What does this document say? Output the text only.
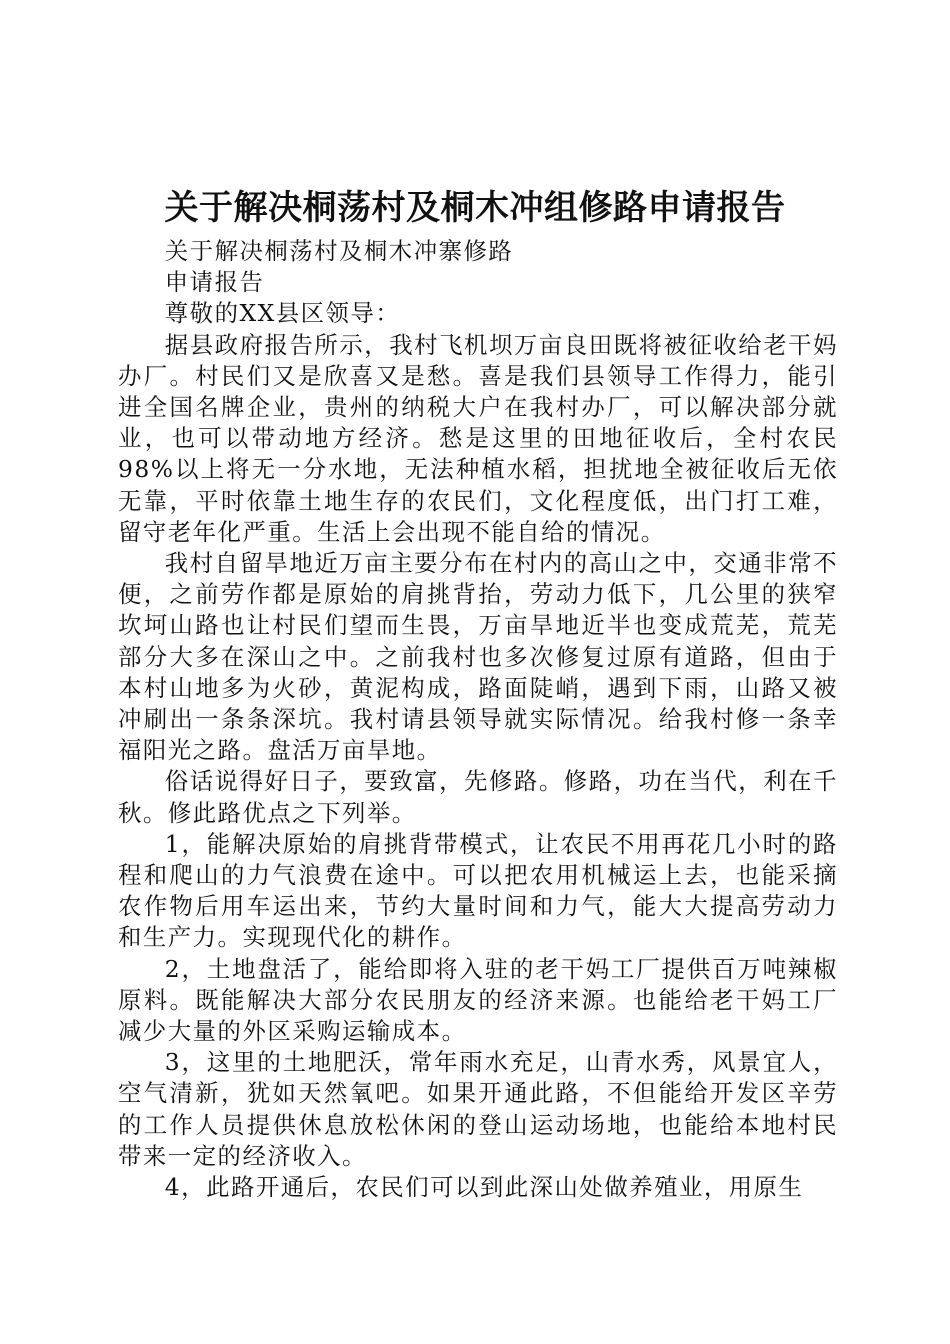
关于解决桐荡村及桐木冲组修路申请报告

关于解决桐荡村及桐木冲寨修路

申请报告

尊敬的XX县区领导：

据县政府报告所示，我村飞机坝万亩良田既将被征收给老干妈办厂。村民们又是欣喜又是愁。喜是我们县领导工作得力，能引进全国名牌企业，贵州的纳税大户在我村办厂，可以解决部分就业，也可以带动地方经济。愁是这里的田地征收后，全村农民98%以上将无一分水地，无法种植水稻，担扰地全被征收后无依无靠，平时依靠土地生存的农民们，文化程度低，出门打工难，留守老年化严重。生活上会出现不能自给的情况。

我村自留旱地近万亩主要分布在村内的高山之中，交通非常不便，之前劳作都是原始的肩挑背抬，劳动力低下，几公里的狭窄坎坷山路也让村民们望而生畏，万亩旱地近半也变成荒芜，荒芜部分大多在深山之中。之前我村也多次修复过原有道路，但由于本村山地多为火砂，黄泥构成，路面陡峭，遇到下雨，山路又被冲刷出一条条深坑。我村请县领导就实际情况。给我村修一条幸福阳光之路。盘活万亩旱地。

俗话说得好日子，要致富，先修路。修路，功在当代，利在千秋。修此路优点之下列举。

1，能解决原始的肩挑背带模式，让农民不用再花几小时的路程和爬山的力气浪费在途中。可以把农用机械运上去，也能采摘农作物后用车运出来，节约大量时间和力气，能大大提高劳动力和生产力。实现现代化的耕作。

2，土地盘活了，能给即将入驻的老干妈工厂提供百万吨辣椒原料。既能解决大部分农民朋友的经济来源。也能给老干妈工厂减少大量的外区采购运输成本。

3，这里的土地肥沃，常年雨水充足，山青水秀，风景宜人，空气清新，犹如天然氧吧。如果开通此路，不但能给开发区辛劳的工作人员提供休息放松休闲的登山运动场地，也能给本地村民带来一定的经济收入。

4，此路开通后，农民们可以到此深山处做养殖业，用原生
